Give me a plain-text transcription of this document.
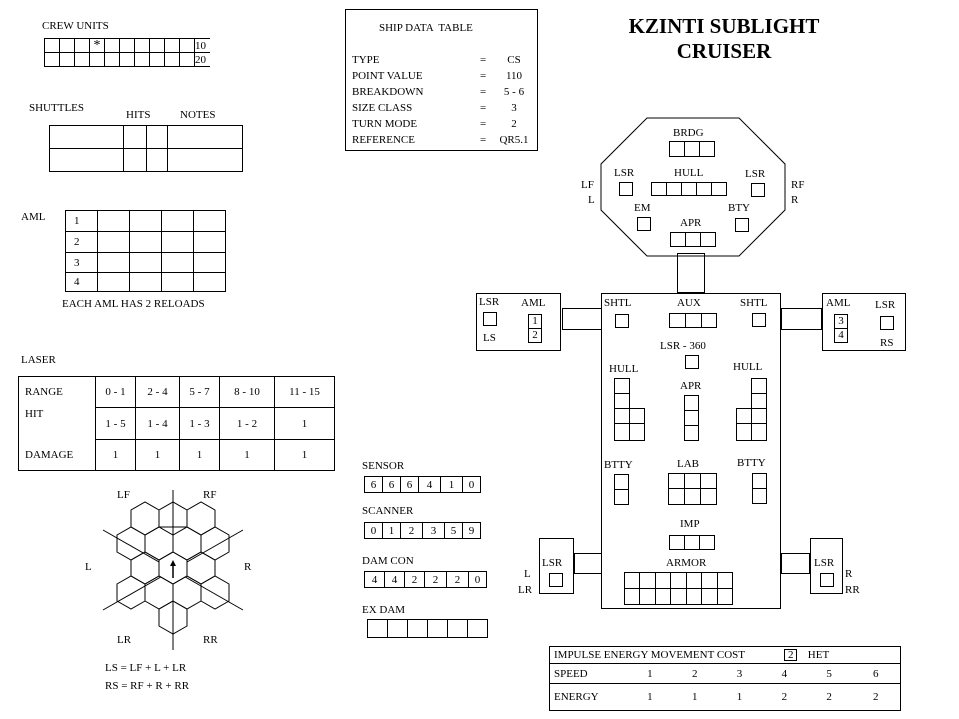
KZINTI SUBLIGHT
CRUISER
CREW UNITS
			*							10
										20
SHUTTLES
HITS	NOTES

AML	1				
2				
3				
4				
EACH AML HAS 2 RELOADS
LASER
RANGE	0 - 1	2 - 4	5 - 7	8 - 10	11 - 15
HIT	1 - 5	1 - 4	1 - 3	1 - 2	1
DAMAGE	1	1	1	1	1
LF	RF
L	R
LR	RR
LS = LF + L + LR
RS = RF + R + RR
SHIP DATA  TABLE
TYPE	=	CS
POINT VALUE	=	110
BREAKDOWN	=	5 - 6
SIZE CLASS	=	3
TURN MODE	=	2
REFERENCE	=	QR5.1
SENSOR
6	6	6	4	1	0
SCANNER
0	1	2	3	5	9
DAM CON
4	4	2	2	2	0
EX DAM

BRDG
LSR	HULL	LSR
LF
L
RF
R
EM	BTY
APR
LSR
LS
AML
1
2
AML
3
4
LSR
RS
SHTL	AUX	SHTL
LSR - 360
HULL
APR
HULL
BTTY	LAB	BTTY
IMP
ARMOR
LSR
L
LR
LSR
R
RR
IMPULSE ENERGY MOVEMENT COST 2 HET						
SPEED	1	2	3	4	5	6
ENERGY	1	1	1	2	2	2
